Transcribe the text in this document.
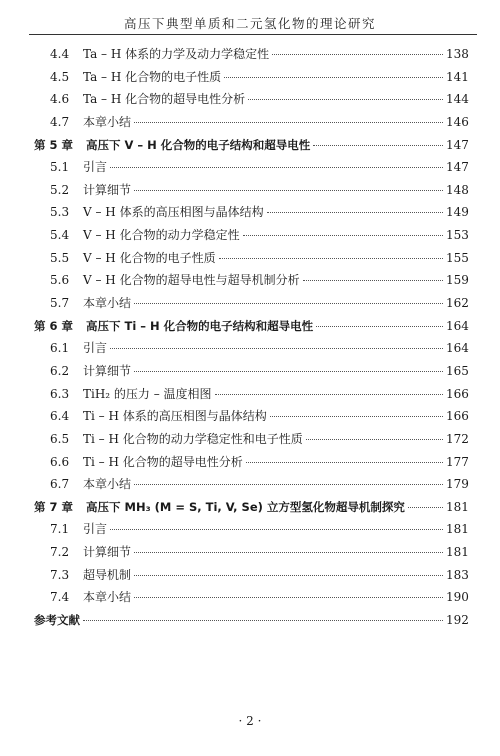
高压下典型单质和二元氢化物的理论研究
4.4	Ta – H 体系的力学及动力学稳定性	138
4.5	Ta – H 化合物的电子性质	141
4.6	Ta – H 化合物的超导电性分析	144
4.7	本章小结	146
第 5 章	高压下 V – H 化合物的电子结构和超导电性	147
5.1	引言	147
5.2	计算细节	148
5.3	V – H 体系的高压相图与晶体结构	149
5.4	V – H 化合物的动力学稳定性	153
5.5	V – H 化合物的电子性质	155
5.6	V – H 化合物的超导电性与超导机制分析	159
5.7	本章小结	162
第 6 章	高压下 Ti – H 化合物的电子结构和超导电性	164
6.1	引言	164
6.2	计算细节	165
6.3	TiH₂ 的压力 – 温度相图	166
6.4	Ti – H 体系的高压相图与晶体结构	166
6.5	Ti – H 化合物的动力学稳定性和电子性质	172
6.6	Ti – H 化合物的超导电性分析	177
6.7	本章小结	179
第 7 章	高压下 MH₃ (M = S, Ti, V, Se) 立方型氢化物超导机制探究	181
7.1	引言	181
7.2	计算细节	181
7.3	超导机制	183
7.4	本章小结	190
参考文献	192
· 2 ·
